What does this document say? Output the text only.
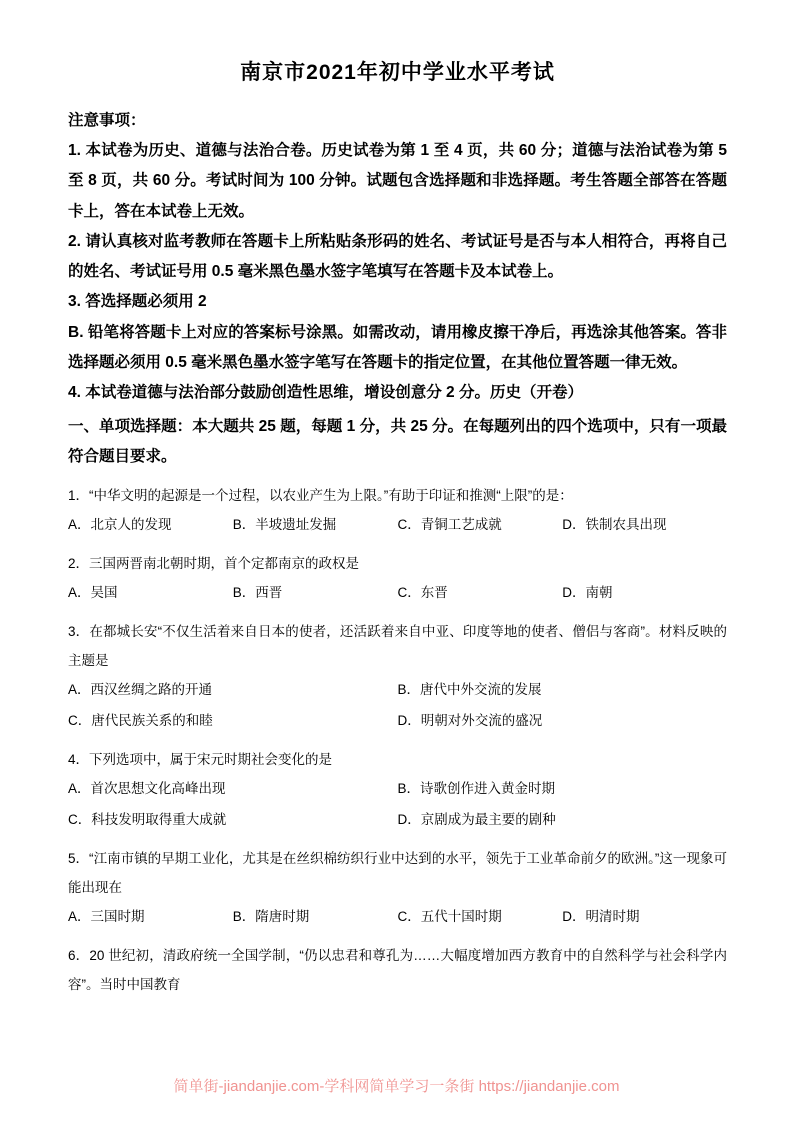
南京市2021年初中学业水平考试

注意事项：

1. 本试卷为历史、道德与法治合卷。历史试卷为第 1 至 4 页，共 60 分；道德与法治试卷为第 5 至 8 页，共 60 分。考试时间为 100 分钟。试题包含选择题和非选择题。考生答题全部答在答题卡上，答在本试卷上无效。

2. 请认真核对监考教师在答题卡上所粘贴条形码的姓名、考试证号是否与本人相符合，再将自己的姓名、考试证号用 0.5 毫米黑色墨水签字笔填写在答题卡及本试卷上。

3. 答选择题必须用 2

B. 铅笔将答题卡上对应的答案标号涂黑。如需改动，请用橡皮擦干净后，再选涂其他答案。答非选择题必须用 0.5 毫米黑色墨水签字笔写在答题卡的指定位置，在其他位置答题一律无效。

4. 本试卷道德与法治部分鼓励创造性思维，增设创意分 2 分。历史（开卷）

一、单项选择题：本大题共 25 题，每题 1 分，共 25 分。在每题列出的四个选项中，只有一项最符合题目要求。

1．“中华文明的起源是一个过程，以农业产生为上限。”有助于印证和推测“上限”的是：

A．北京人的发现	B．半坡遗址发掘	C．青铜工艺成就	D．铁制农具出现

2．三国两晋南北朝时期，首个定都南京的政权是

A．吴国	B．西晋	C．东晋	D．南朝

3．在都城长安“不仅生活着来自日本的使者，还活跃着来自中亚、印度等地的使者、僧侣与客商”。材料反映的主题是

A．西汉丝绸之路的开通	B．唐代中外交流的发展
C．唐代民族关系的和睦	D．明朝对外交流的盛况

4．下列选项中，属于宋元时期社会变化的是

A．首次思想文化高峰出现	B．诗歌创作进入黄金时期
C．科技发明取得重大成就	D．京剧成为最主要的剧种

5．“江南市镇的早期工业化，尤其是在丝织棉纺织行业中达到的水平，领先于工业革命前夕的欧洲。”这一现象可能出现在

A．三国时期	B．隋唐时期	C．五代十国时期	D．明清时期

6．20 世纪初，清政府统一全国学制，“仍以忠君和尊孔为……大幅度增加西方教育中的自然科学与社会科学内容”。当时中国教育

简单街-jiandanjie.com-学科网简单学习一条街 https://jiandanjie.com
